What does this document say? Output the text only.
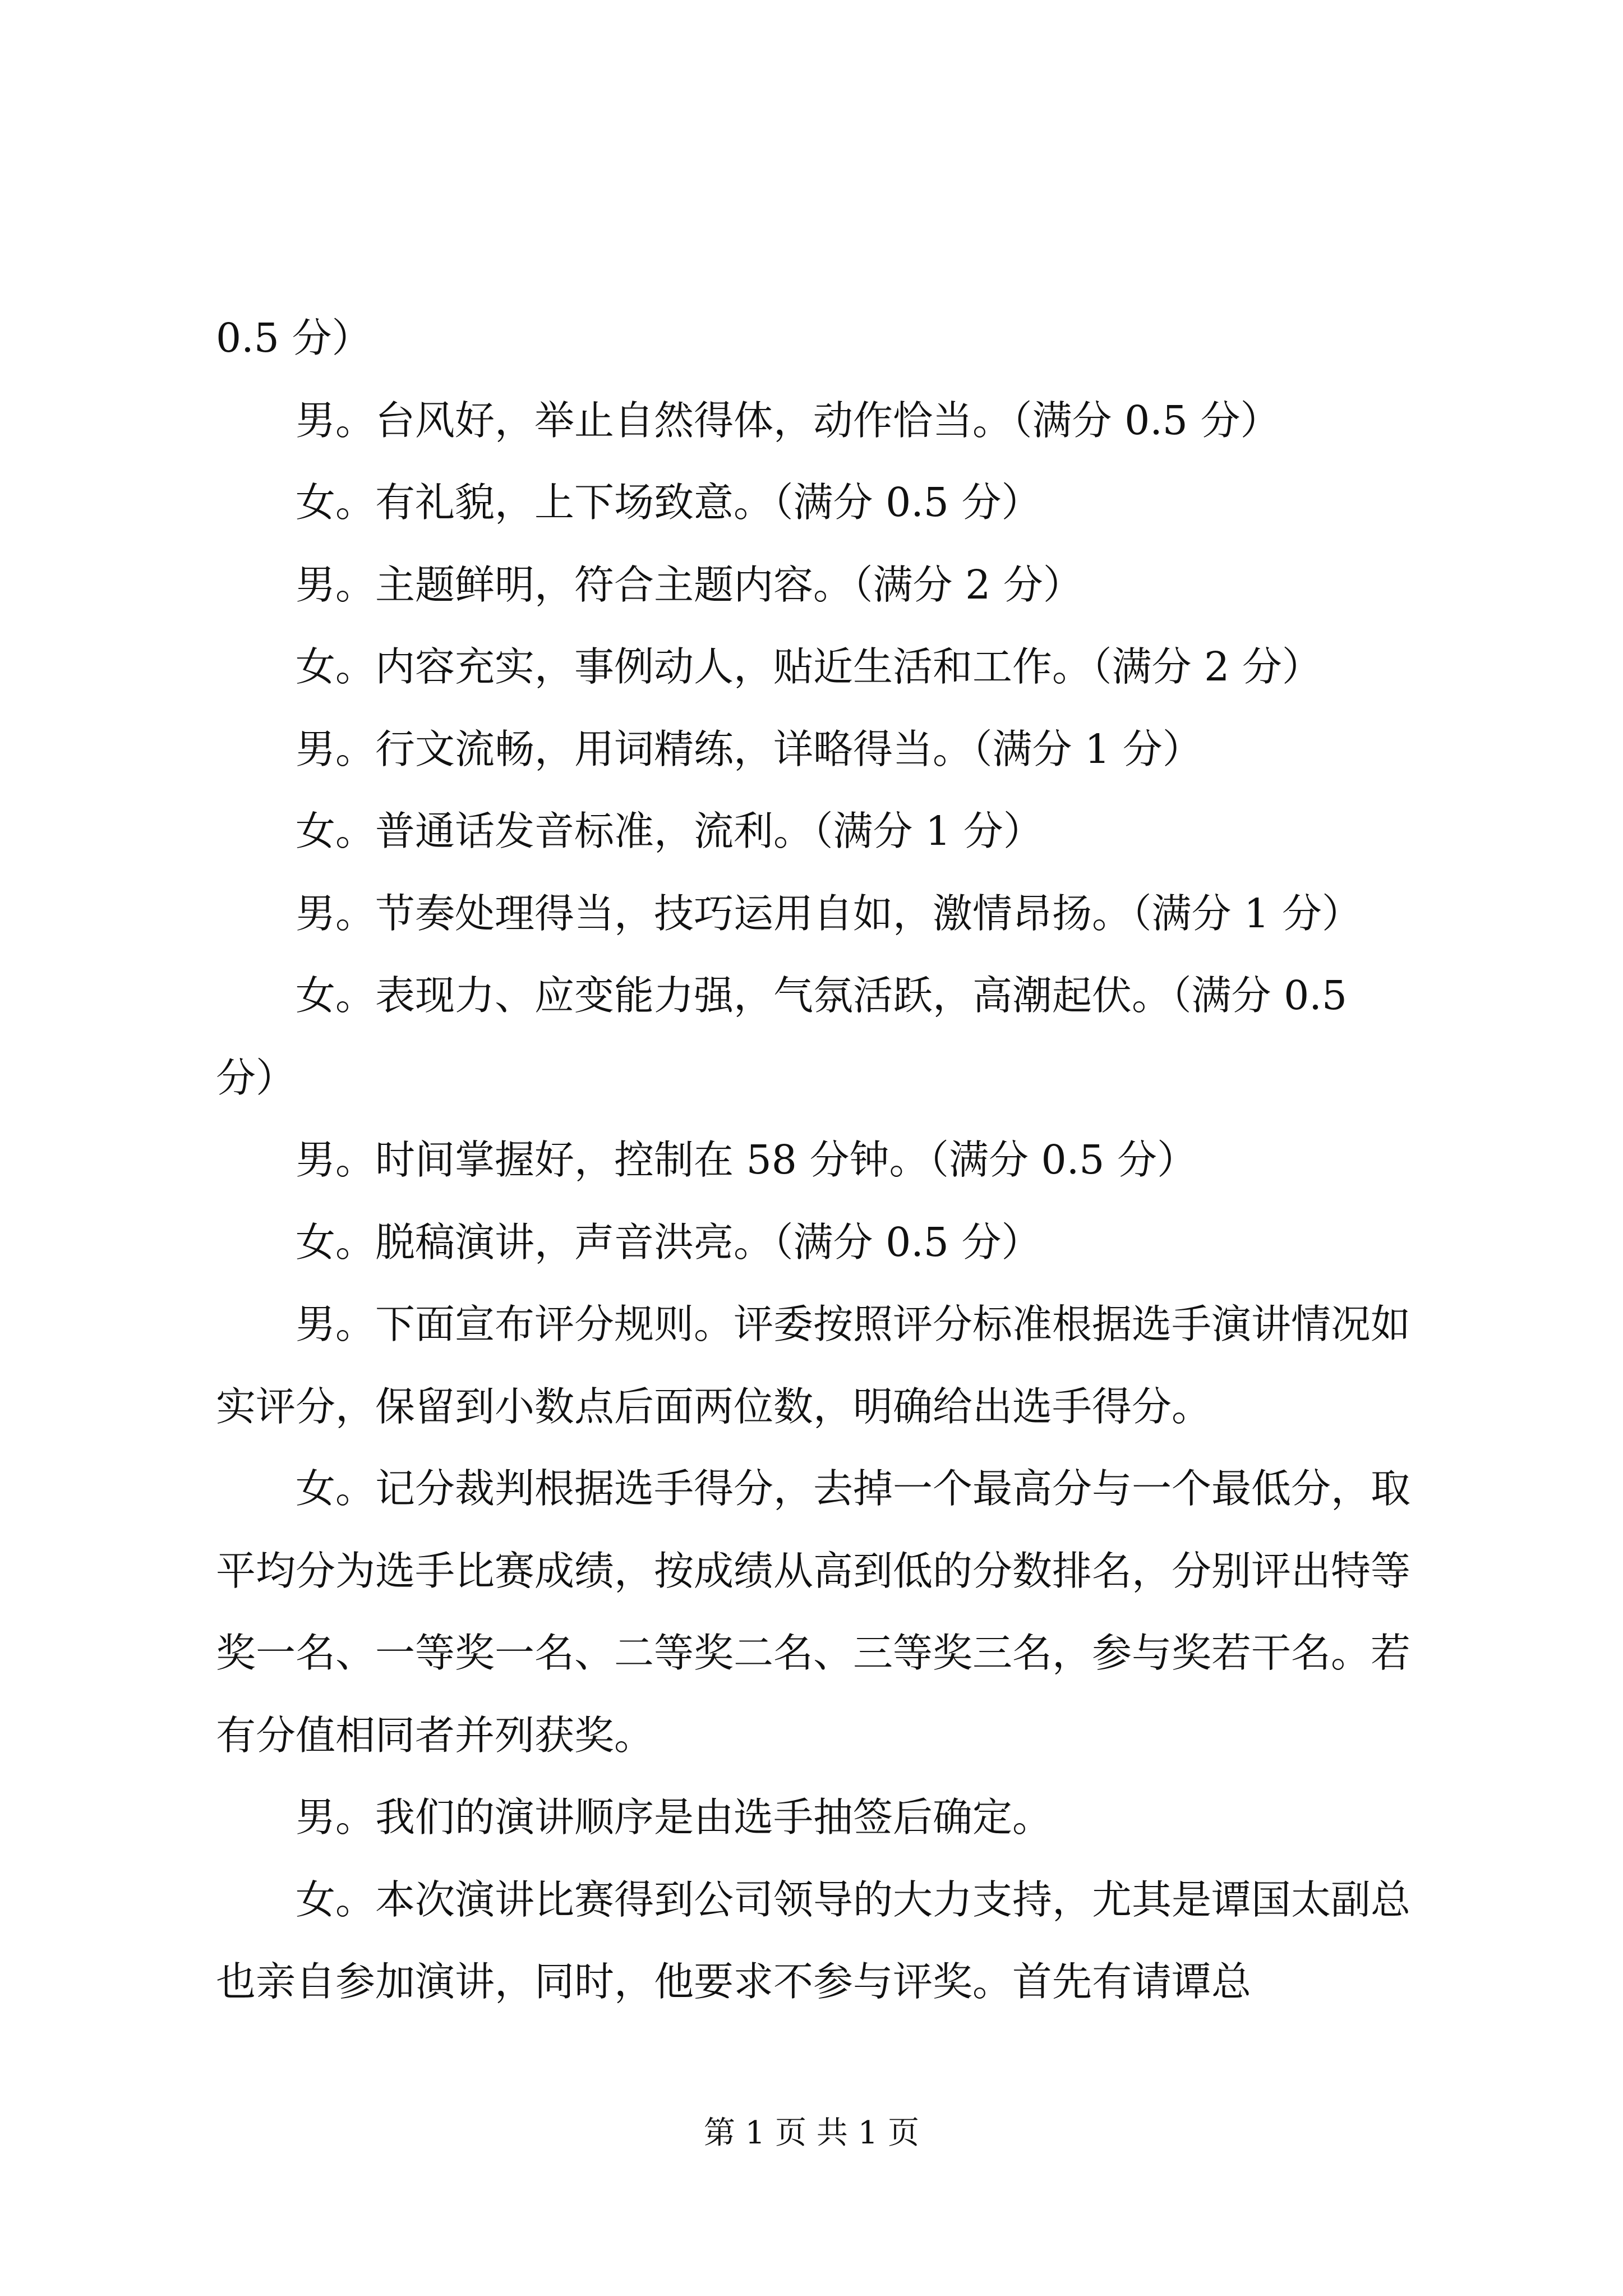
0.5 分）

男。台风好，举止自然得体，动作恰当。（满分 0.5 分）

女。有礼貌，上下场致意。（满分 0.5 分）

男。主题鲜明，符合主题内容。（满分 2 分）

女。内容充实，事例动人，贴近生活和工作。（满分 2 分）

男。行文流畅，用词精练，详略得当。（满分 1 分）

女。普通话发音标准，流利。（满分 1 分）

男。节奏处理得当，技巧运用自如，激情昂扬。（满分 1 分）

女。表现力、应变能力强，气氛活跃，高潮起伏。（满分 0.5 分）

男。时间掌握好，控制在 58 分钟。（满分 0.5 分）

女。脱稿演讲，声音洪亮。（满分 0.5 分）

男。下面宣布评分规则。评委按照评分标准根据选手演讲情况如实评分，保留到小数点后面两位数，明确给出选手得分。

女。记分裁判根据选手得分，去掉一个最高分与一个最低分，取平均分为选手比赛成绩，按成绩从高到低的分数排名，分别评出特等奖一名、一等奖一名、二等奖二名、三等奖三名，参与奖若干名。若有分值相同者并列获奖。

男。我们的演讲顺序是由选手抽签后确定。

女。本次演讲比赛得到公司领导的大力支持，尤其是谭国太副总也亲自参加演讲，同时，他要求不参与评奖。首先有请谭总

第 1 页 共 1 页
